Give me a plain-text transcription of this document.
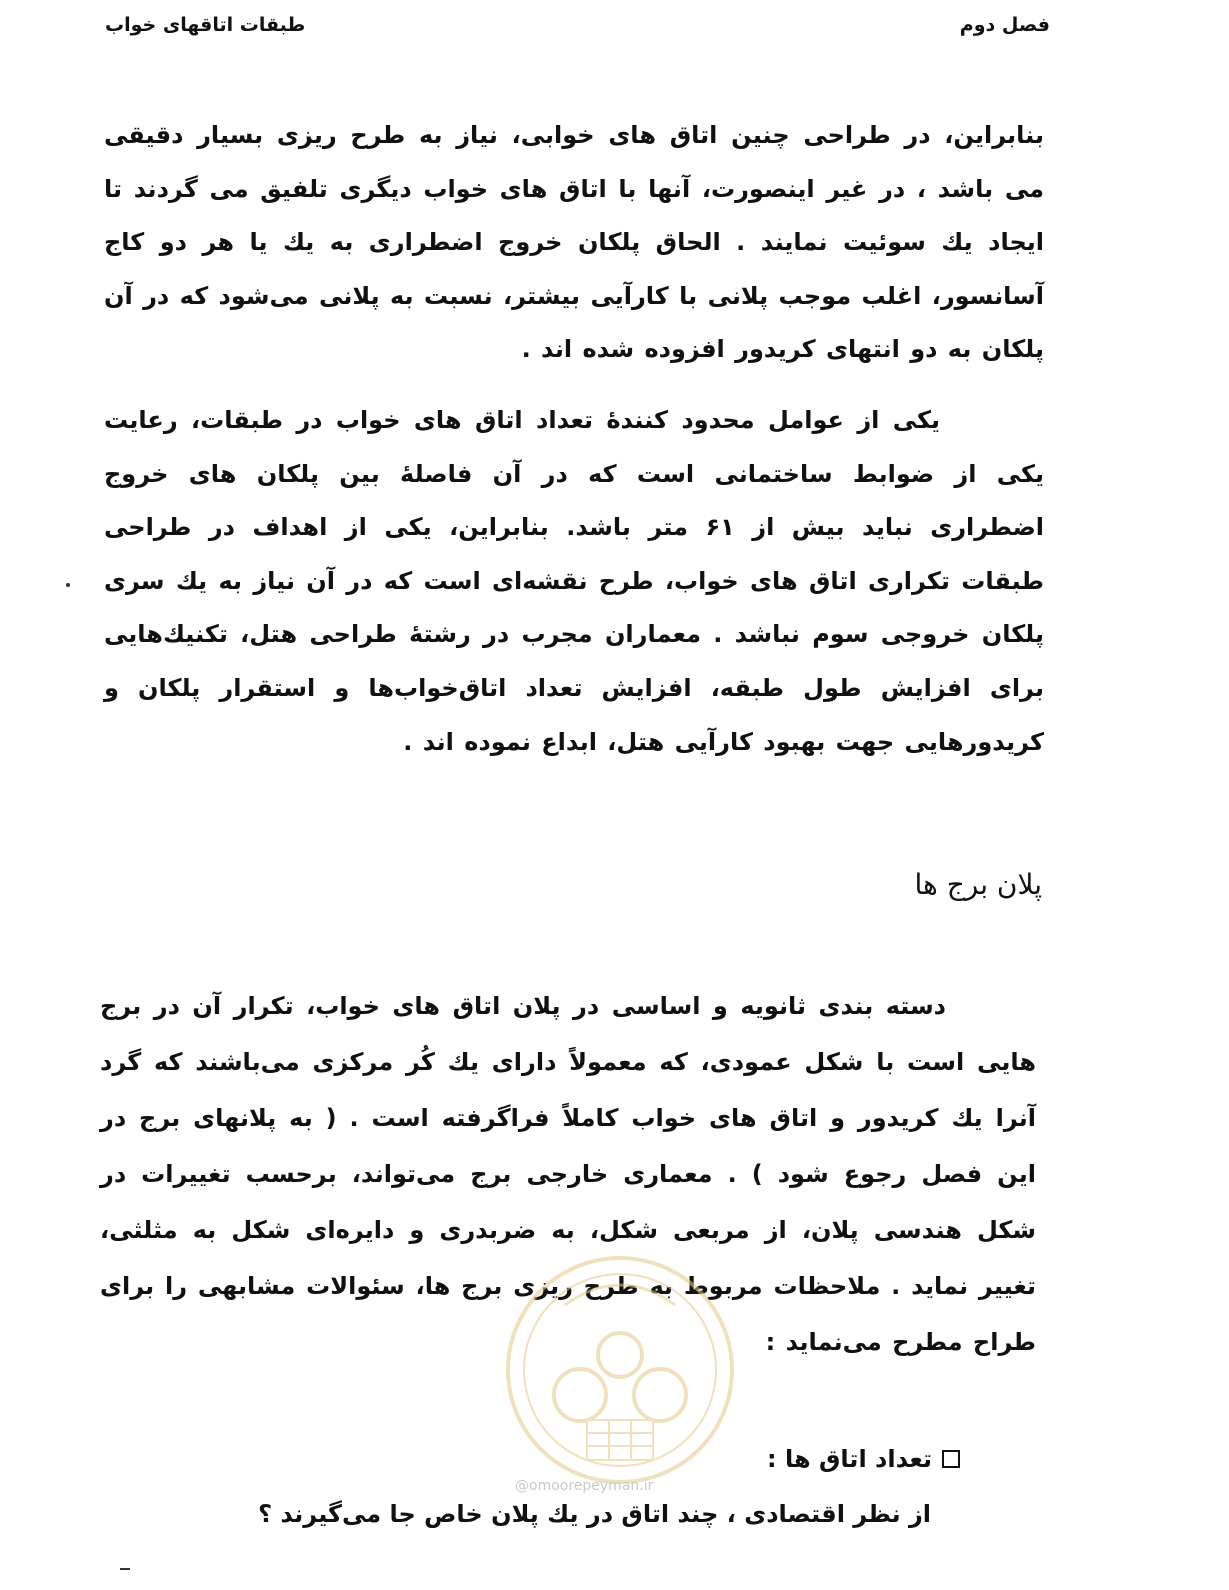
فصل دوم
طبقات اتاقهای خواب

بنابراین، در طراحی چنین اتاق های خوابی، نیاز به طرح ریزی بسیار دقیقی می باشد ، در غیر اینصورت، آنها با اتاق های خواب دیگری تلفیق می گردند تا ایجاد یك سوئیت نمایند . الحاق پلکان خروج اضطراری به یك یا هر دو کاج آسانسور، اغلب موجب پلانی با کارآیی بیشتر، نسبت به پلانی می‌شود که در آن پلکان به دو انتهای کریدور افزوده شده اند .

یکی از عوامل محدود کنندهٔ تعداد اتاق های خواب در طبقات، رعایت یکی از ضوابط ساختمانی است که در آن فاصلهٔ بین پلکان های خروج اضطراری نباید بیش از ۶۱ متر باشد. بنابراین، یکی از اهداف در طراحی طبقات تکراری اتاق های خواب، طرح نقشه‌ای است که در آن نیاز به یك سری پلکان خروجی سوم نباشد . معماران مجرب در رشتهٔ طراحی هتل، تکنیك‌هایی برای افزایش طول طبقه، افزایش تعداد اتاق‌خواب‌ها و استقرار پلکان و کریدورهایی جهت بهبود کارآیی هتل، ابداع نموده اند .

پلان برج ها

دسته بندی ثانویه و اساسی در پلان اتاق های خواب، تکرار آن در برج هایی است با شکل عمودی، که معمولاً دارای یك کُر مرکزی می‌باشند که گرد آنرا یك کریدور و اتاق های خواب کاملاً فراگرفته است . ( به پلانهای برج در این فصل رجوع شود ) . معماری خارجی برج می‌تواند، برحسب تغییرات در شکل هندسی پلان، از مربعی شکل، به ضربدری و دایره‌ای شکل به مثلثی، تغییر نماید . ملاحظات مربوط به طرح ریزی برج ها، سئوالات مشابهی را برای طراح مطرح می‌نماید :

@omoorepeyman.ir
تعداد اتاق ها :
از نظر اقتصادی ، چند اتاق در یك پلان خاص جا می‌گیرند ؟
